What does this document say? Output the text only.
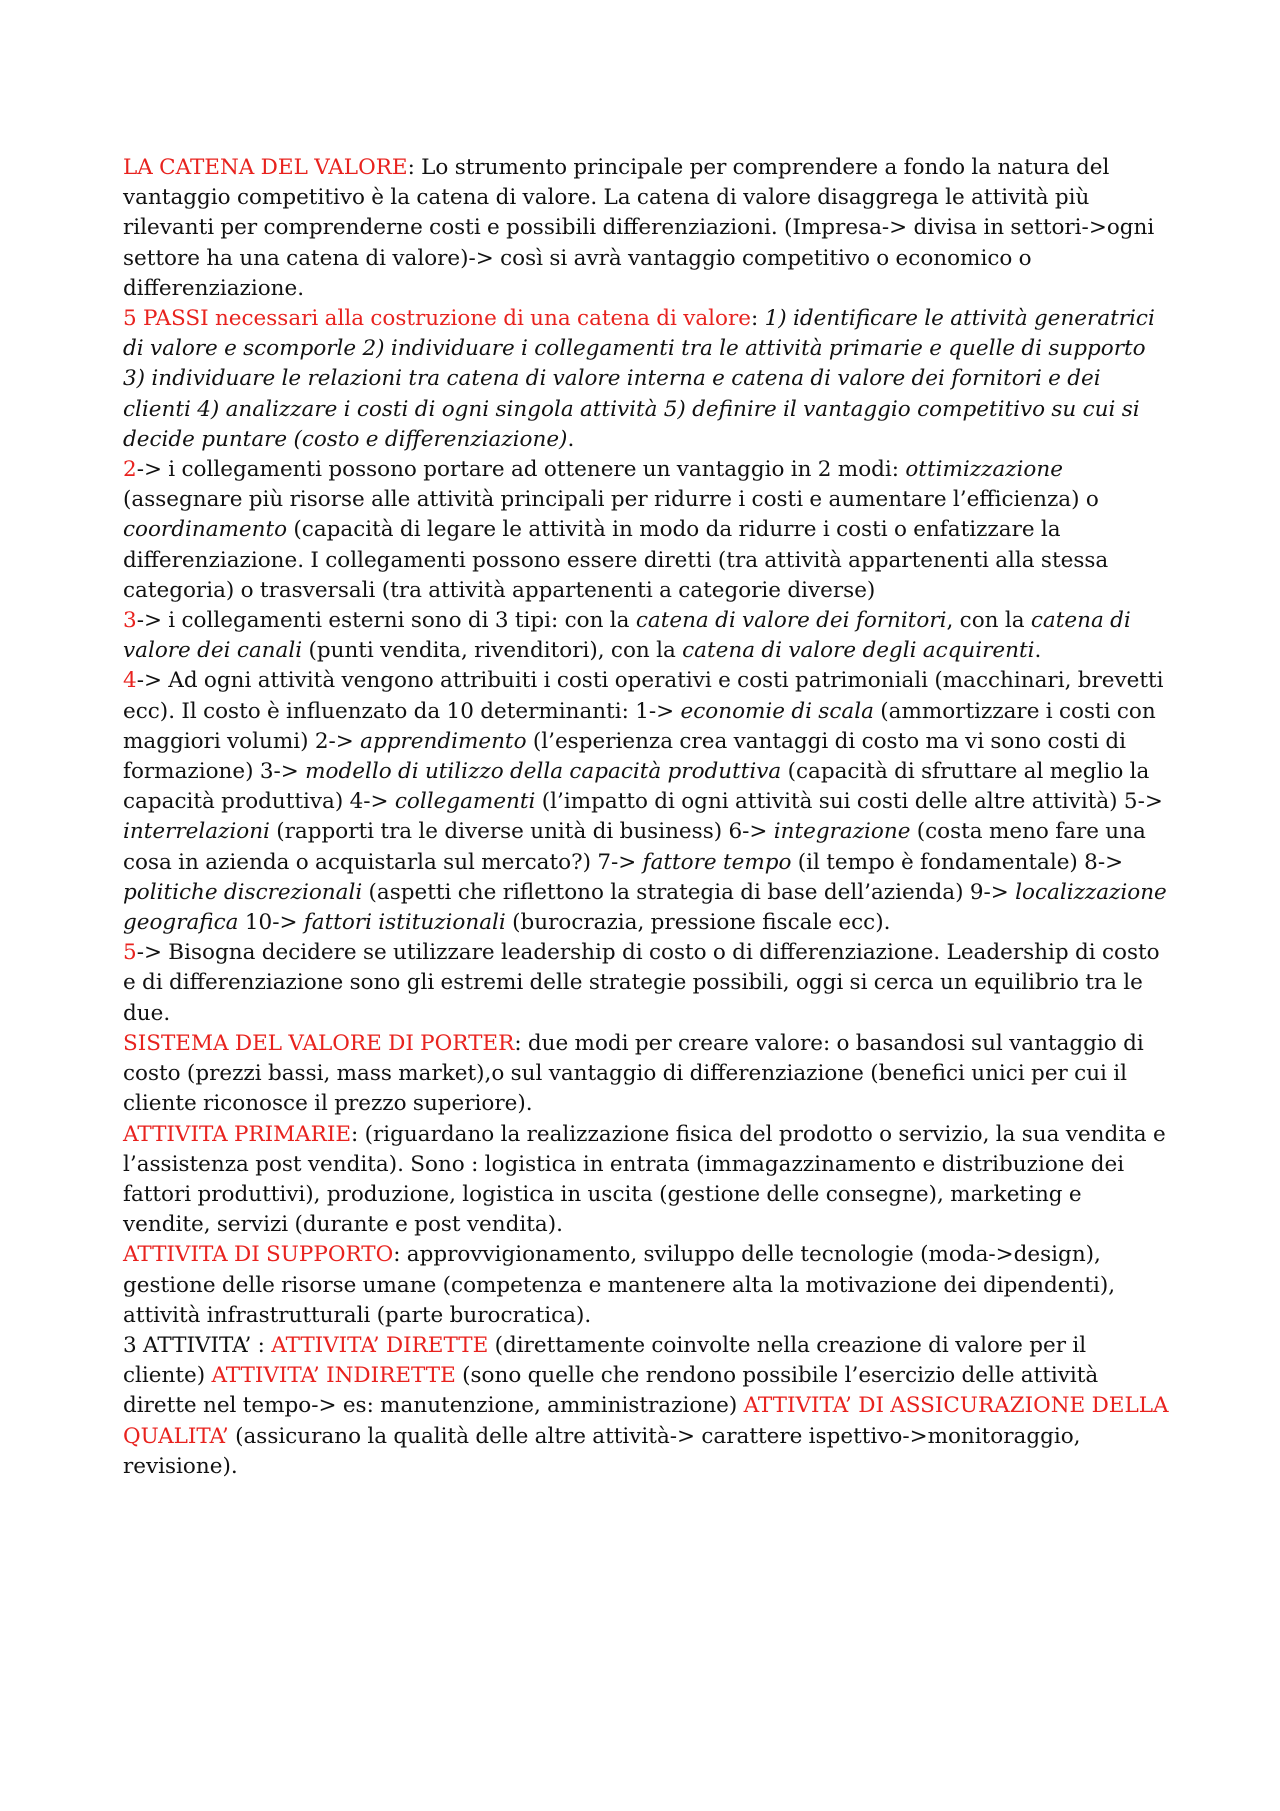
LA CATENA DEL VALORE: Lo strumento principale per comprendere a fondo la natura del vantaggio competitivo è la catena di valore. La catena di valore disaggrega le attività più rilevanti per comprenderne costi e possibili differenziazioni. (Impresa-> divisa in settori->ogni settore ha una catena di valore)-> così si avrà vantaggio competitivo o economico o differenziazione.

5 PASSI necessari alla costruzione di una catena di valore: 1) identificare le attività generatrici di valore e scomporle 2) individuare i collegamenti tra le attività primarie e quelle di supporto 3) individuare le relazioni tra catena di valore interna e catena di valore dei fornitori e dei clienti 4) analizzare i costi di ogni singola attività 5) definire il vantaggio competitivo su cui si decide puntare (costo e differenziazione).

2-> i collegamenti possono portare ad ottenere un vantaggio in 2 modi: ottimizzazione (assegnare più risorse alle attività principali per ridurre i costi e aumentare l’efficienza) o coordinamento (capacità di legare le attività in modo da ridurre i costi o enfatizzare la differenziazione. I collegamenti possono essere diretti (tra attività appartenenti alla stessa categoria) o trasversali (tra attività appartenenti a categorie diverse)

3-> i collegamenti esterni sono di 3 tipi: con la catena di valore dei fornitori, con la catena di valore dei canali (punti vendita, rivenditori), con la catena di valore degli acquirenti.

4-> Ad ogni attività vengono attribuiti i costi operativi e costi patrimoniali (macchinari, brevetti ecc). Il costo è influenzato da 10 determinanti: 1-> economie di scala (ammortizzare i costi con maggiori volumi) 2-> apprendimento (l’esperienza crea vantaggi di costo ma vi sono costi di formazione) 3-> modello di utilizzo della capacità produttiva (capacità di sfruttare al meglio la capacità produttiva) 4-> collegamenti (l’impatto di ogni attività sui costi delle altre attività) 5-> interrelazioni (rapporti tra le diverse unità di business) 6-> integrazione (costa meno fare una cosa in azienda o acquistarla sul mercato?) 7-> fattore tempo (il tempo è fondamentale) 8-> politiche discrezionali (aspetti che riflettono la strategia di base dell’azienda) 9-> localizzazione geografica 10-> fattori istituzionali (burocrazia, pressione fiscale ecc).

5-> Bisogna decidere se utilizzare leadership di costo o di differenziazione. Leadership di costo e di differenziazione sono gli estremi delle strategie possibili, oggi si cerca un equilibrio tra le due.

SISTEMA DEL VALORE DI PORTER: due modi per creare valore: o basandosi sul vantaggio di costo (prezzi bassi, mass market),o sul vantaggio di differenziazione (benefici unici per cui il cliente riconosce il prezzo superiore).

ATTIVITA PRIMARIE: (riguardano la realizzazione fisica del prodotto o servizio, la sua vendita e l’assistenza post vendita). Sono : logistica in entrata (immagazzinamento e distribuzione dei fattori produttivi), produzione, logistica in uscita (gestione delle consegne), marketing e vendite, servizi (durante e post vendita).

ATTIVITA DI SUPPORTO: approvvigionamento, sviluppo delle tecnologie (moda->design), gestione delle risorse umane (competenza e mantenere alta la motivazione dei dipendenti), attività infrastrutturali (parte burocratica).

3 ATTIVITA’ : ATTIVITA’ DIRETTE (direttamente coinvolte nella creazione di valore per il cliente) ATTIVITA’ INDIRETTE (sono quelle che rendono possibile l’esercizio delle attività dirette nel tempo-> es: manutenzione, amministrazione) ATTIVITA’ DI ASSICURAZIONE DELLA QUALITA’ (assicurano la qualità delle altre attività-> carattere ispettivo->monitoraggio, revisione).
